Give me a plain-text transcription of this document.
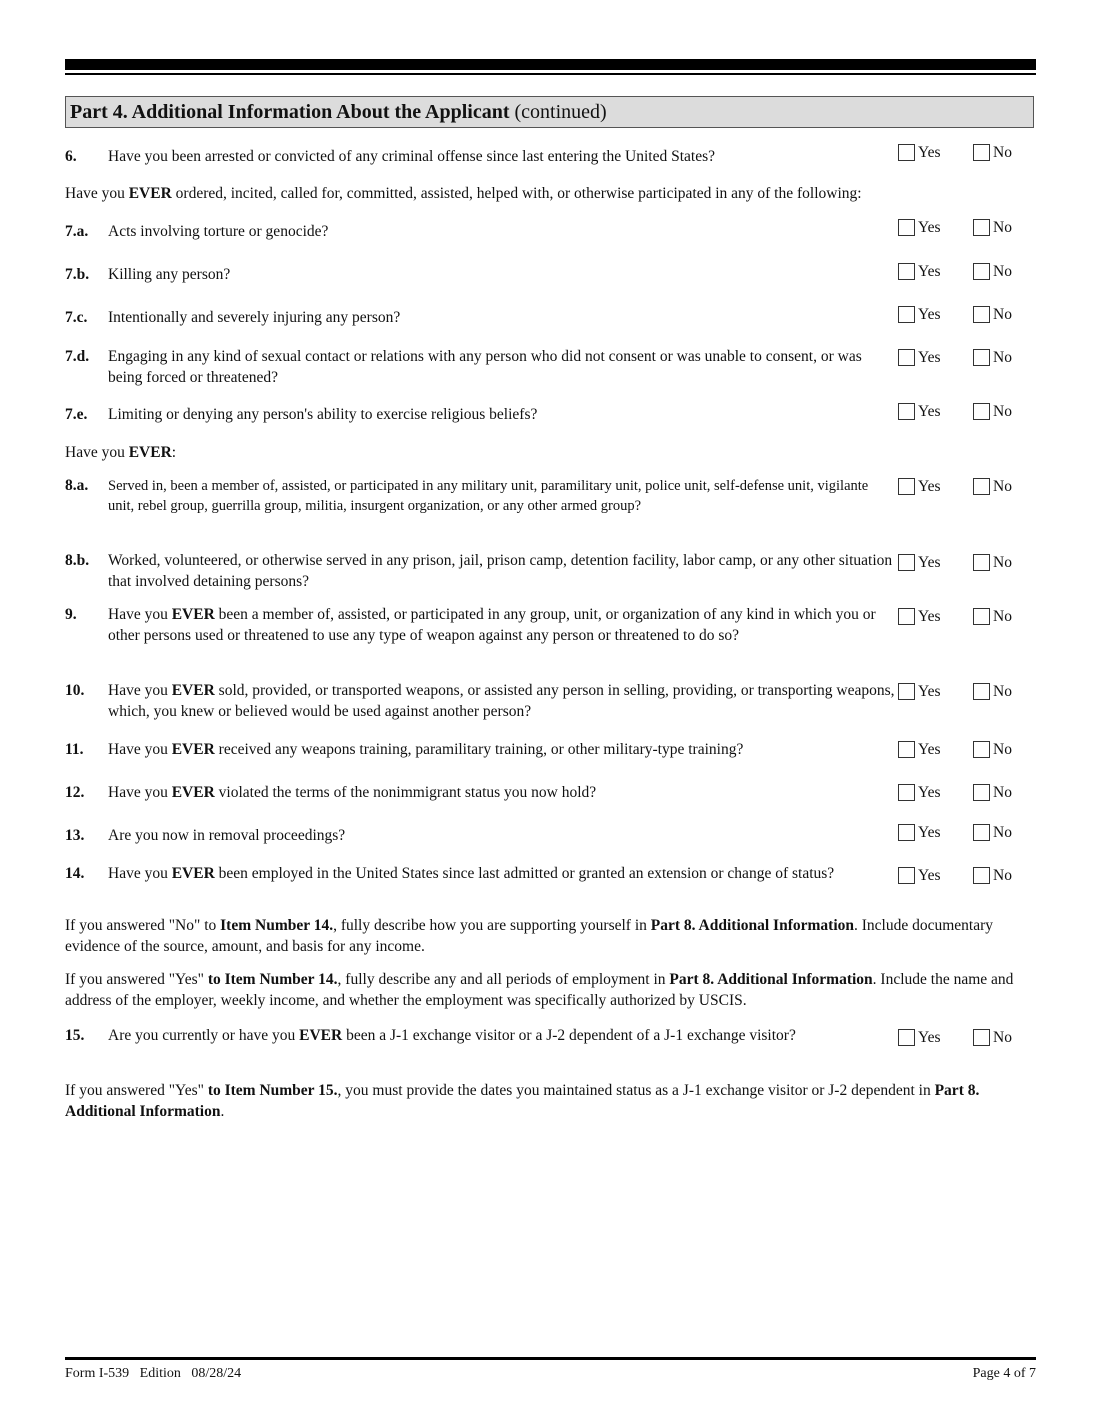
Part 4. Additional Information About the Applicant (continued)
6. Have you been arrested or convicted of any criminal offense since last entering the United States?	Yes	No
Have you EVER ordered, incited, called for, committed, assisted, helped with, or otherwise participated in any of the following:
7.a. Acts involving torture or genocide?	Yes	No
7.b. Killing any person?	Yes	No
7.c. Intentionally and severely injuring any person?	Yes	No
7.d. Engaging in any kind of sexual contact or relations with any person who did not consent or was unable to consent, or was being forced or threatened?
Yes	No
7.e. Limiting or denying any person's ability to exercise religious beliefs?	Yes	No
Have you EVER:
8.a. Served in, been a member of, assisted, or participated in any military unit, paramilitary unit, police unit, self-defense unit, vigilante unit, rebel group, guerrilla group, militia, insurgent organization, or any other armed group?
Yes	No
8.b. Worked, volunteered, or otherwise served in any prison, jail, prison camp, detention facility, labor camp, or any other situation that involved detaining persons?
Yes	No
9. Have you EVER been a member of, assisted, or participated in any group, unit, or organization of any kind in which you or other persons used or threatened to use any type of weapon against any person or threatened to do so?
Yes	No
10. Have you EVER sold, provided, or transported weapons, or assisted any person in selling, providing, or transporting weapons, which, you knew or believed would be used against another person?
Yes	No
11. Have you EVER received any weapons training, paramilitary training, or other military-type training?	Yes	No
12. Have you EVER violated the terms of the nonimmigrant status you now hold?	Yes	No
13. Are you now in removal proceedings?	Yes	No
14. Have you EVER been employed in the United States since last admitted or granted an extension or change of status?	Yes	No
If you answered "No" to Item Number 14., fully describe how you are supporting yourself in Part 8. Additional Information. Include documentary evidence of the source, amount, and basis for any income.
If you answered "Yes" to Item Number 14., fully describe any and all periods of employment in Part 8. Additional Information. Include the name and address of the employer, weekly income, and whether the employment was specifically authorized by USCIS.
15. Are you currently or have you EVER been a J-1 exchange visitor or a J-2 dependent of a J-1 exchange visitor?	Yes	No
If you answered "Yes" to Item Number 15., you must provide the dates you maintained status as a J-1 exchange visitor or J-2 dependent in Part 8. Additional Information.
Form I-539   Edition   08/28/24	Page 4 of 7
